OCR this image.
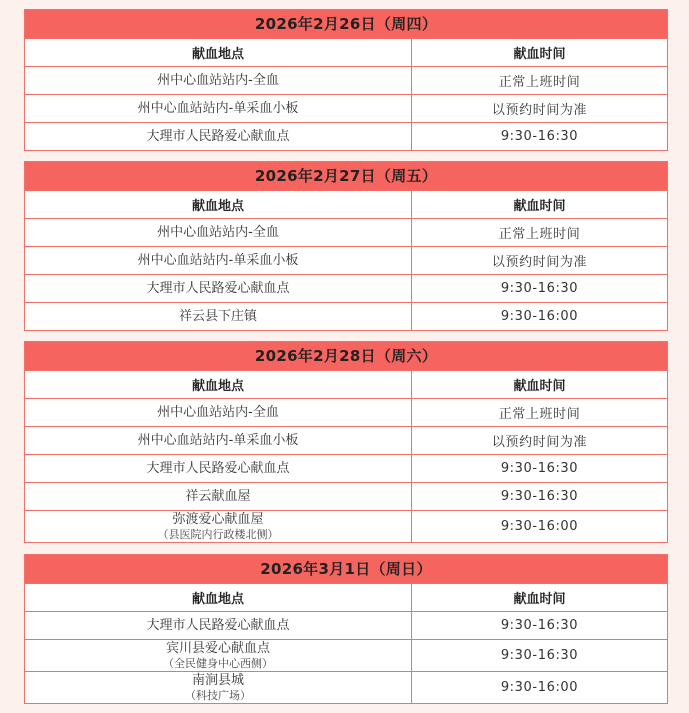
2026年2月26日（周四）
献血地点	献血时间
州中心血站站内-全血	正常上班时间
州中心血站站内-单采血小板	以预约时间为准
大理市人民路爱心献血点	9:30-16:30
2026年2月27日（周五）
献血地点	献血时间
州中心血站站内-全血	正常上班时间
州中心血站站内-单采血小板	以预约时间为准
大理市人民路爱心献血点	9:30-16:30
祥云县下庄镇	9:30-16:00
2026年2月28日（周六）
献血地点	献血时间
州中心血站站内-全血	正常上班时间
州中心血站站内-单采血小板	以预约时间为准
大理市人民路爱心献血点	9:30-16:30
祥云献血屋	9:30-16:30
弥渡爱心献血屋
（县医院内行政楼北侧）	9:30-16:00
2026年3月1日（周日）
献血地点	献血时间
大理市人民路爱心献血点	9:30-16:30
宾川县爱心献血点
（全民健身中心西侧）	9:30-16:30
南涧县城
（科技广场）	9:30-16:00
